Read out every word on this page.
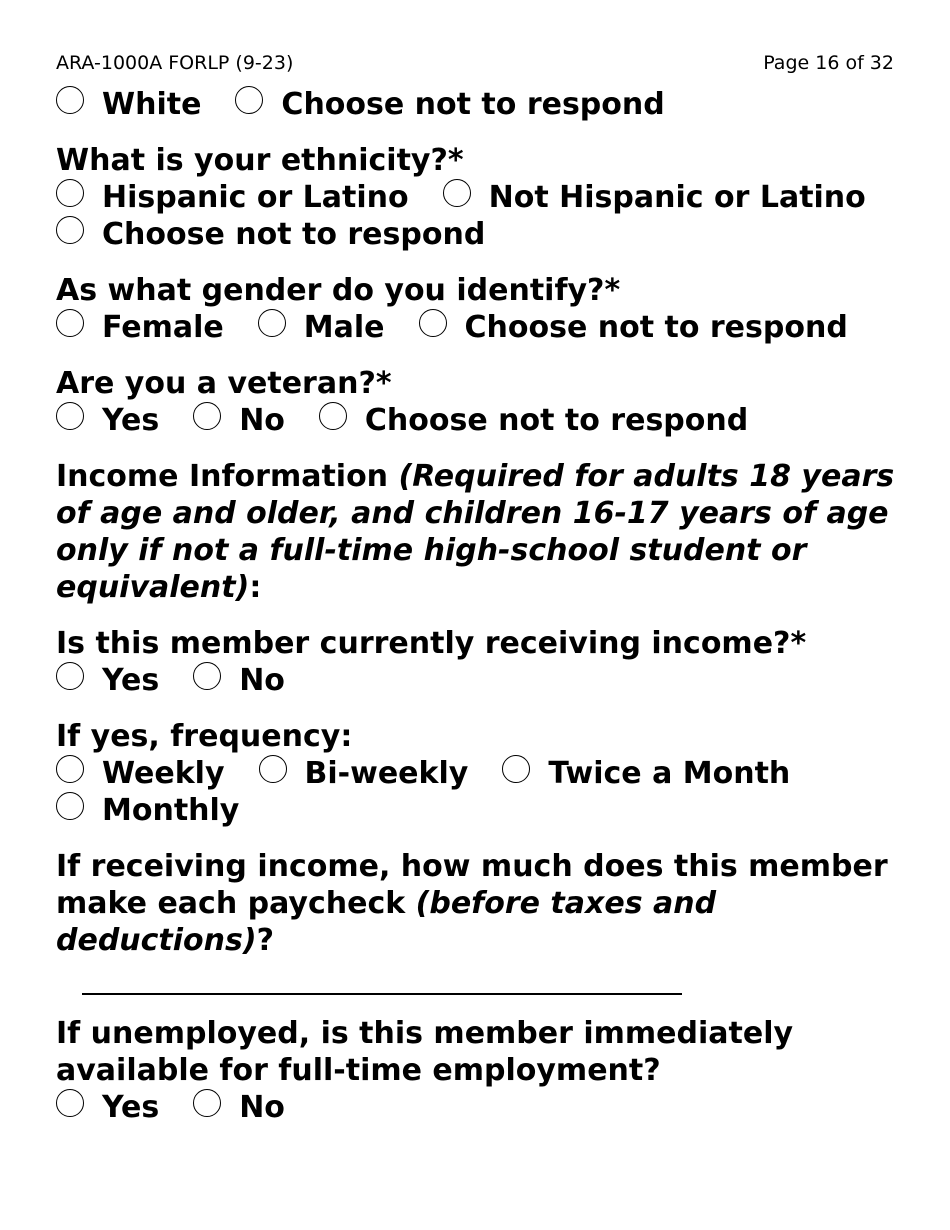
ARA-1000A FORLP (9-23)	Page 16 of 32
White	Choose not to respond

What is your ethnicity?*

Hispanic or Latino	Not Hispanic or Latino
Choose not to respond

As what gender do you identify?*

Female	Male	Choose not to respond

Are you a veteran?*

Yes	No	Choose not to respond

Income Information (Required for adults 18 years of age and older, and children 16-17 years of age only if not a full-time high-school student or equivalent):

Is this member currently receiving income?*

Yes	No

If yes, frequency:

Weekly	Bi-weekly	Twice a Month
Monthly

If receiving income, how much does this member make each paycheck (before taxes and deductions)?

If unemployed, is this member immediately available for full-time employment?

Yes	No
